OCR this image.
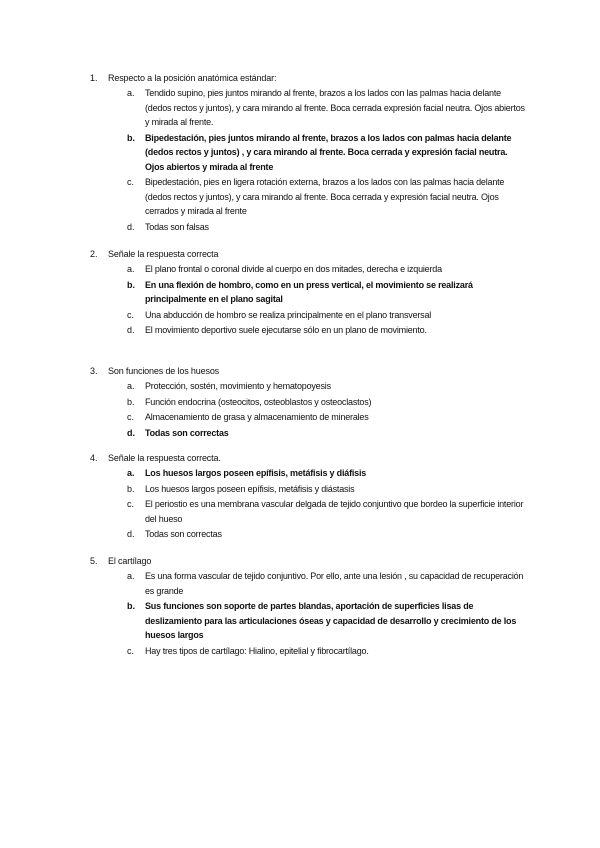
1. Respecto a la posición anatómica estándar:
a. Tendido supino, pies juntos mirando al frente, brazos a los lados con las palmas hacia delante (dedos rectos y juntos), y cara mirando al frente. Boca cerrada expresión facial neutra. Ojos abiertos y mirada al frente.
b. Bipedestación, pies juntos mirando al frente, brazos a los lados con palmas hacia delante (dedos rectos y juntos) , y cara mirando al frente. Boca cerrada y expresión facial neutra. Ojos abiertos y mirada al frente
c. Bipedestación, pies en ligera rotación externa, brazos a los lados con las palmas hacia delante (dedos rectos y juntos), y cara mirando al frente. Boca cerrada y expresión facial neutra. Ojos cerrados y mirada al frente
d. Todas son falsas
2. Señale la respuesta correcta
a. El plano frontal o coronal divide al cuerpo en dos mitades, derecha e izquierda
b. En una flexión de hombro, como en un press vertical, el movimiento se realizará principalmente en el plano sagital
c. Una abducción de hombro se realiza principalmente en el plano transversal
d. El movimiento deportivo suele ejecutarse sólo en un plano de movimiento.
3. Son funciones de los huesos
a. Protección, sostén, movimiento y hematopoyesis
b. Función endocrina (osteocitos, osteoblastos y osteoclastos)
c. Almacenamiento de grasa y almacenamiento de minerales
d. Todas son correctas
4. Señale la respuesta correcta.
a. Los huesos largos poseen epífisis, metáfisis y diáfisis
b. Los huesos largos poseen epífisis, metáfisis y diástasis
c. El periostio es una membrana vascular delgada de tejido conjuntivo que bordeo la superficie interior del hueso
d. Todas son correctas
5. El cartílago
a. Es una forma vascular de tejido conjuntivo. Por ello, ante una lesión , su capacidad de recuperación es grande
b. Sus funciones son soporte de partes blandas, aportación de superficies lisas de deslizamiento para las articulaciones óseas y capacidad de desarrollo y crecimiento de los huesos largos
c. Hay tres tipos de cartílago: Hialino, epitelial y fibrocartílago.
